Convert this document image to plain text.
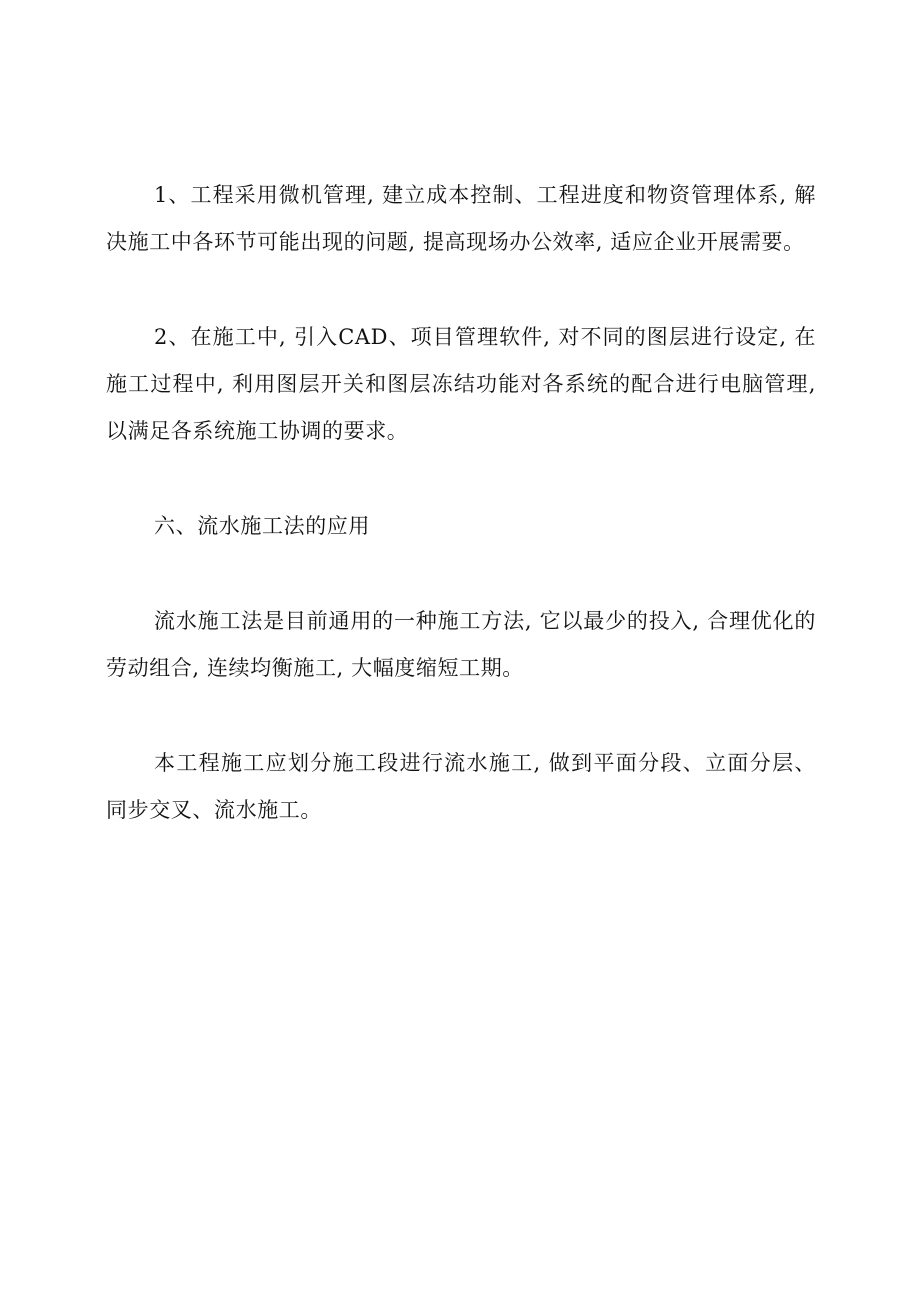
1、工程采用微机管理, 建立成本控制、工程进度和物资管理体系, 解决施工中各环节可能出现的问题, 提高现场办公效率, 适应企业开展需要。

2、在施工中, 引入CAD、项目管理软件, 对不同的图层进行设定, 在施工过程中, 利用图层开关和图层冻结功能对各系统的配合进行电脑管理, 以满足各系统施工协调的要求。

六、流水施工法的应用

流水施工法是目前通用的一种施工方法, 它以最少的投入, 合理优化的劳动组合, 连续均衡施工, 大幅度缩短工期。

本工程施工应划分施工段进行流水施工, 做到平面分段、立面分层、同步交叉、流水施工。
